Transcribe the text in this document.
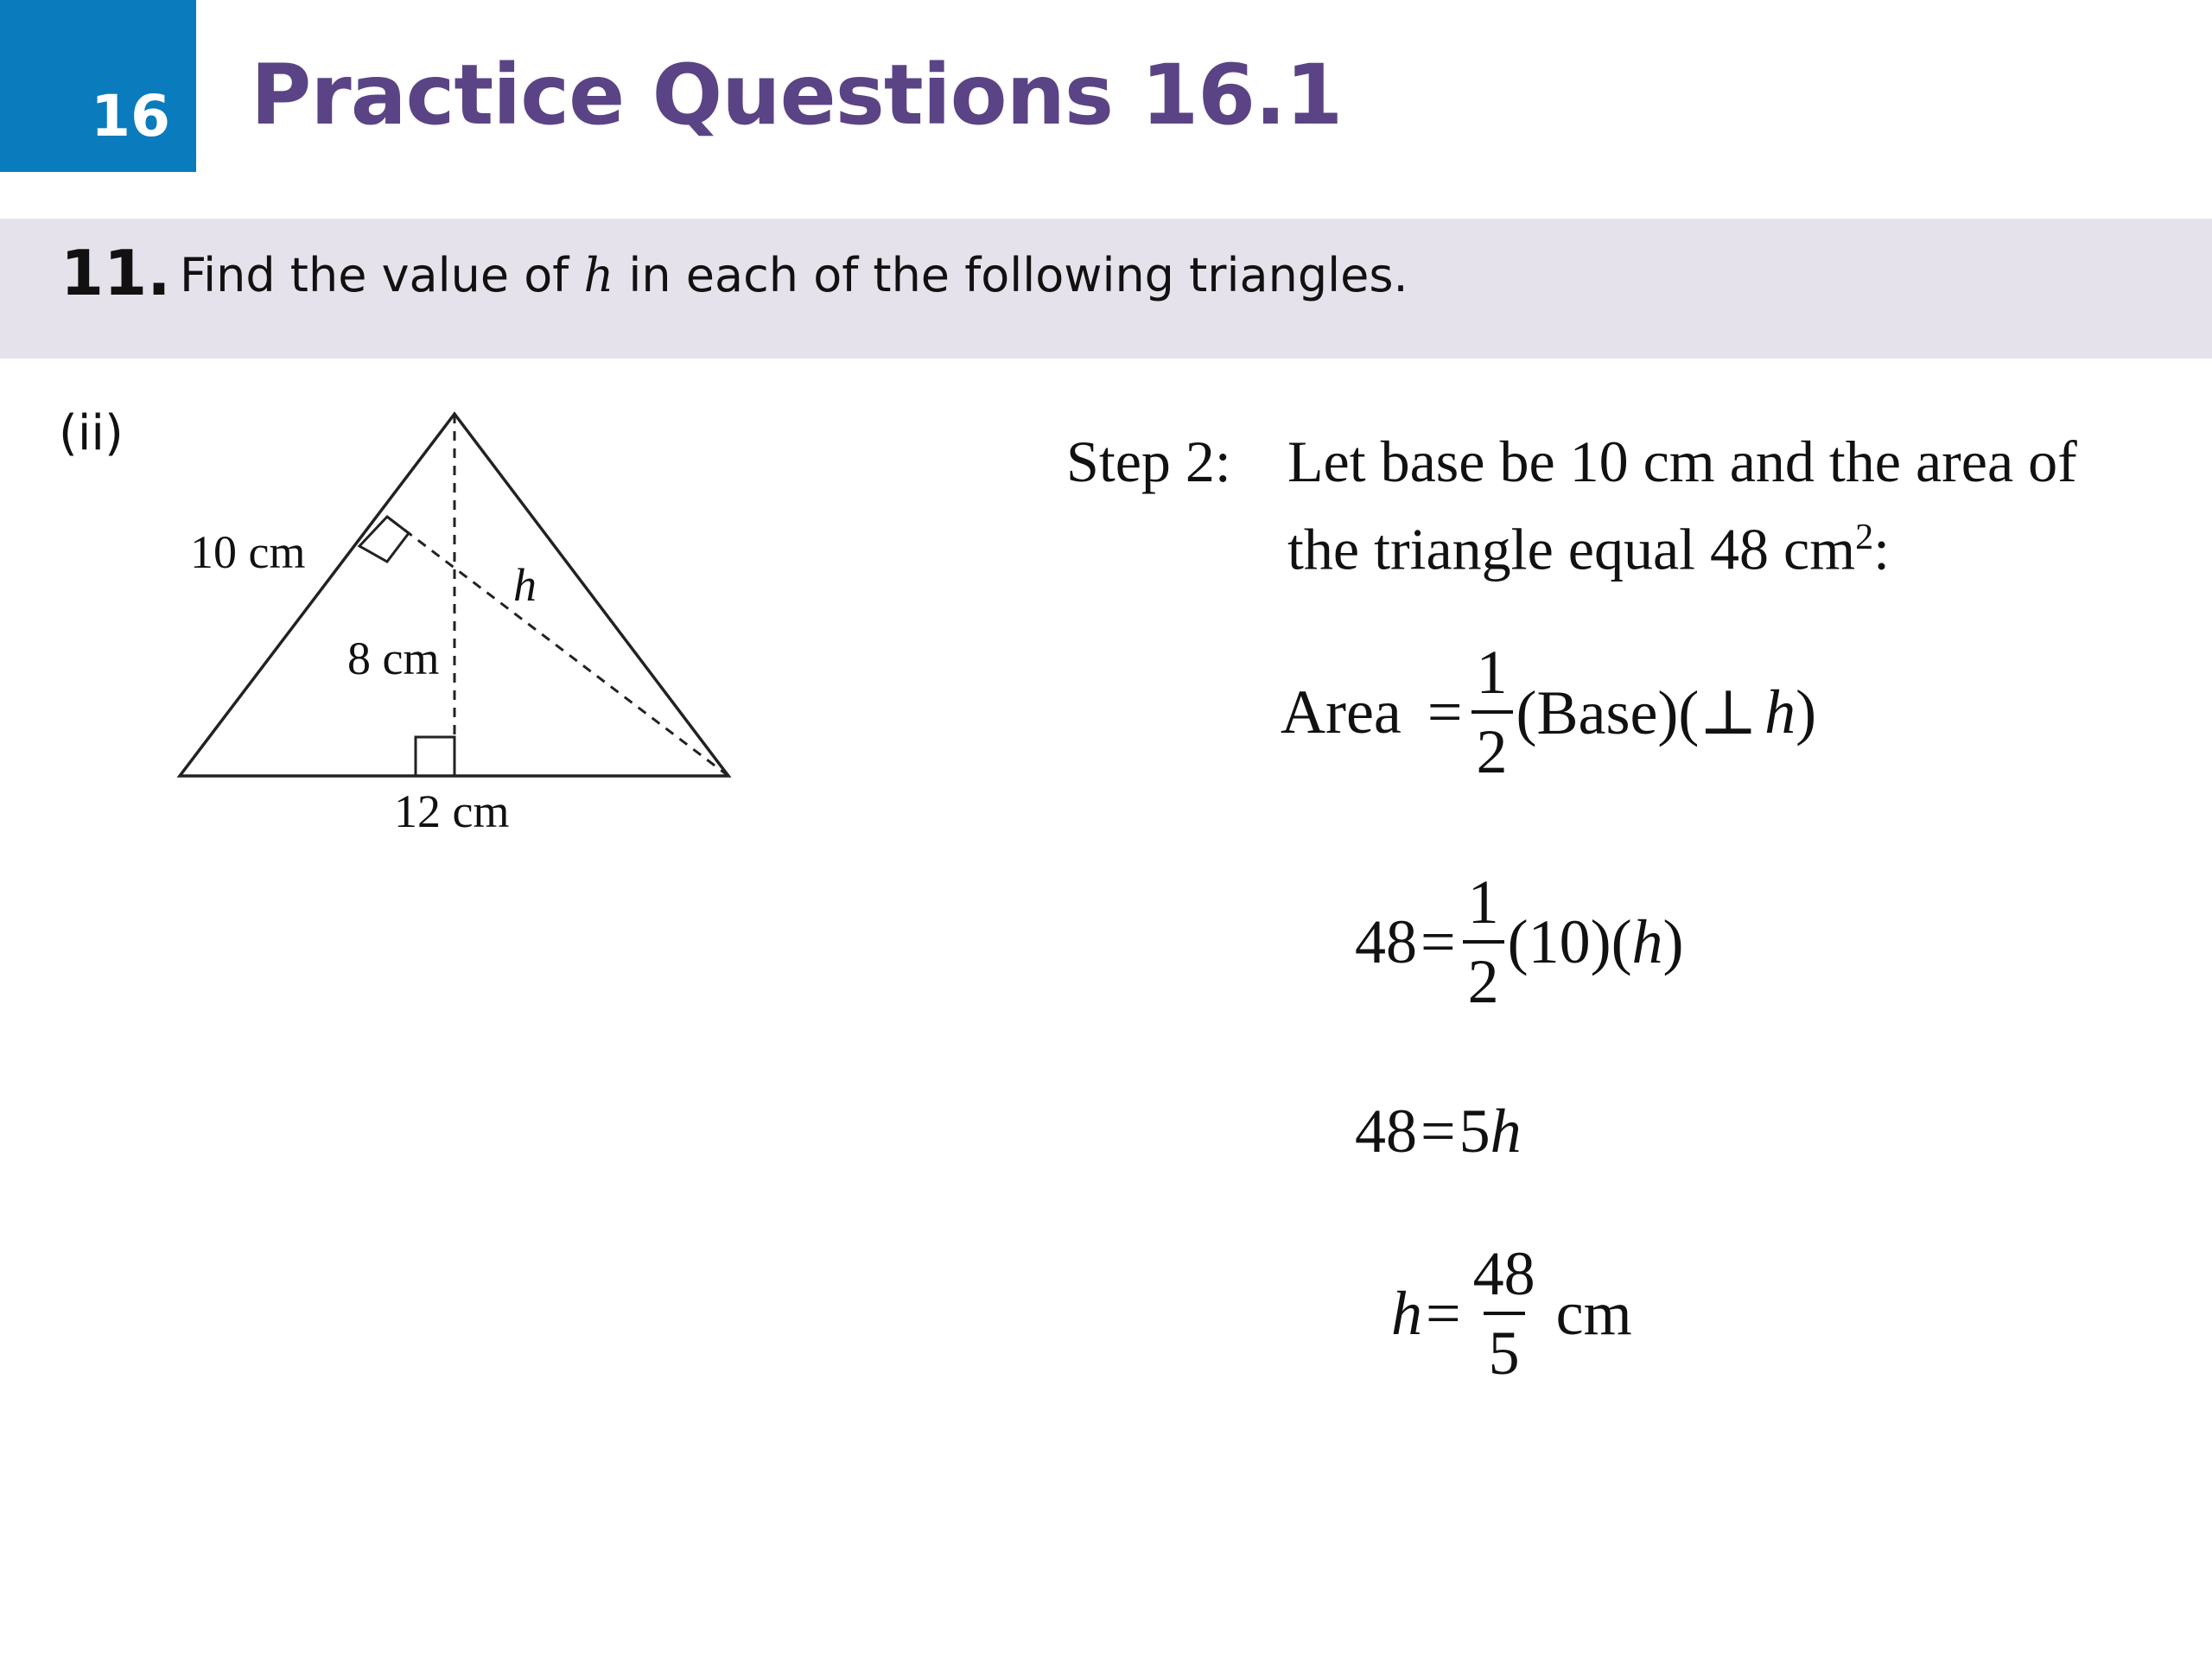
16 Practice Questions 16.1
11. Find the value of h in each of the following triangles.
(ii)
10 cm
8 cm
h
12 cm
Step 2: Let base be 10 cm and the area of
the triangle equal 48 $cm^2$:
Area = $\frac{1}{2}$ (Base)(⊥ h )
$48 = \frac{1}{2} (10)$( h )
48 = 5 h
$h = \frac{48}{5}$ cm
